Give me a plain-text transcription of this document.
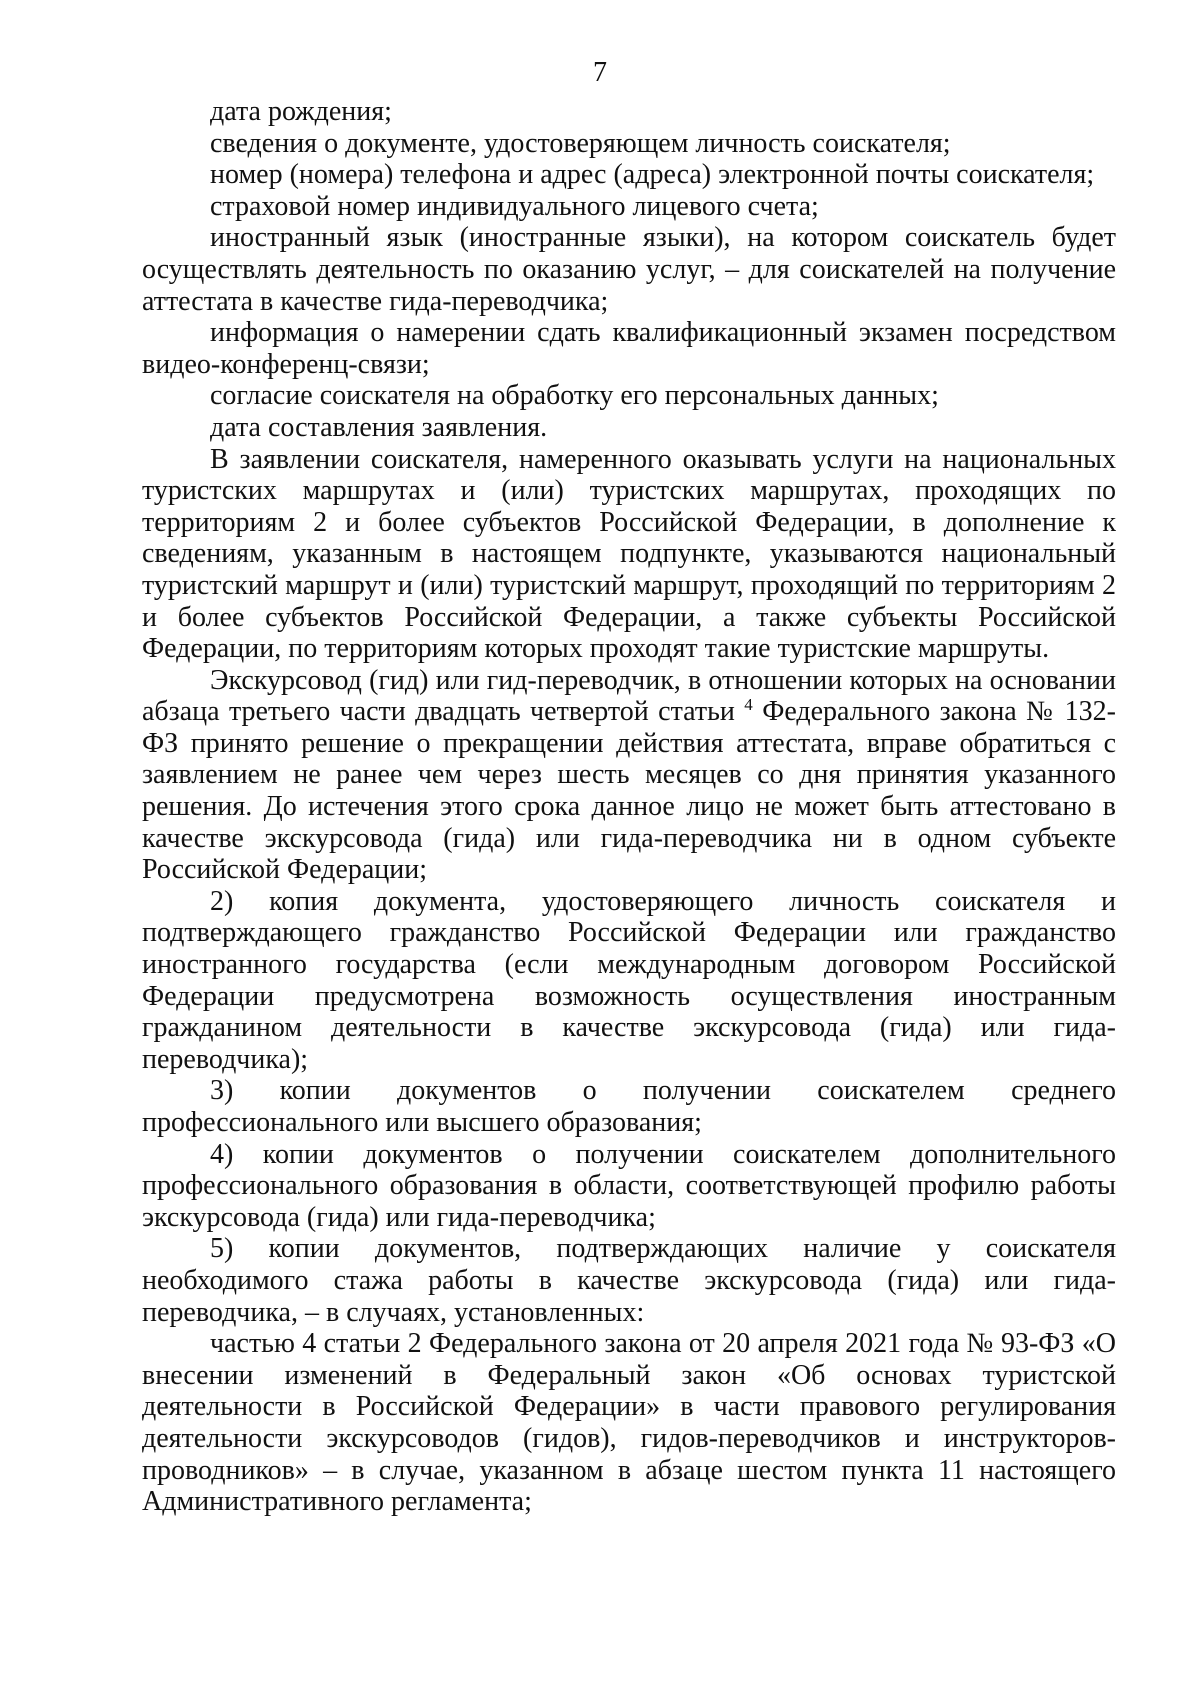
7

дата рождения;

сведения о документе, удостоверяющем личность соискателя;

номер (номера) телефона и адрес (адреса) электронной почты соискателя;

страховой номер индивидуального лицевого счета;

иностранный язык (иностранные языки), на котором соискатель будет осуществлять деятельность по оказанию услуг, – для соискателей на получение аттестата в качестве гида-переводчика;

информация о намерении сдать квалификационный экзамен посредством видео-конференц-связи;

согласие соискателя на обработку его персональных данных;

дата составления заявления.

В заявлении соискателя, намеренного оказывать услуги на национальных туристских маршрутах и (или) туристских маршрутах, проходящих по территориям 2 и более субъектов Российской Федерации, в дополнение к сведениям, указанным в настоящем подпункте, указываются национальный туристский маршрут и (или) туристский маршрут, проходящий по территориям 2 и более субъектов Российской Федерации, а также субъекты Российской Федерации, по территориям которых проходят такие туристские маршруты.

Экскурсовод (гид) или гид-переводчик, в отношении которых на основании абзаца третьего части двадцать четвертой статьи $^4$ Федерального закона № 132-ФЗ принято решение о прекращении действия аттестата, вправе обратиться с заявлением не ранее чем через шесть месяцев со дня принятия указанного решения. До истечения этого срока данное лицо не может быть аттестовано в качестве экскурсовода (гида) или гида-переводчика ни в одном субъекте Российской Федерации;

2) копия документа, удостоверяющего личность соискателя и подтверждающего гражданство Российской Федерации или гражданство иностранного государства (если международным договором Российской Федерации предусмотрена возможность осуществления иностранным гражданином деятельности в качестве экскурсовода (гида) или гида-переводчика);

3) копии документов о получении соискателем среднего профессионального или высшего образования;

4) копии документов о получении соискателем дополнительного профессионального образования в области, соответствующей профилю работы экскурсовода (гида) или гида-переводчика;

5) копии документов, подтверждающих наличие у соискателя необходимого стажа работы в качестве экскурсовода (гида) или гида-переводчика, – в случаях, установленных:

частью 4 статьи 2 Федерального закона от 20 апреля 2021 года № 93-ФЗ «О внесении изменений в Федеральный закон «Об основах туристской деятельности в Российской Федерации» в части правового регулирования деятельности экскурсоводов (гидов), гидов-переводчиков и инструкторов-проводников» – в случае, указанном в абзаце шестом пункта 11 настоящего Административного регламента;
